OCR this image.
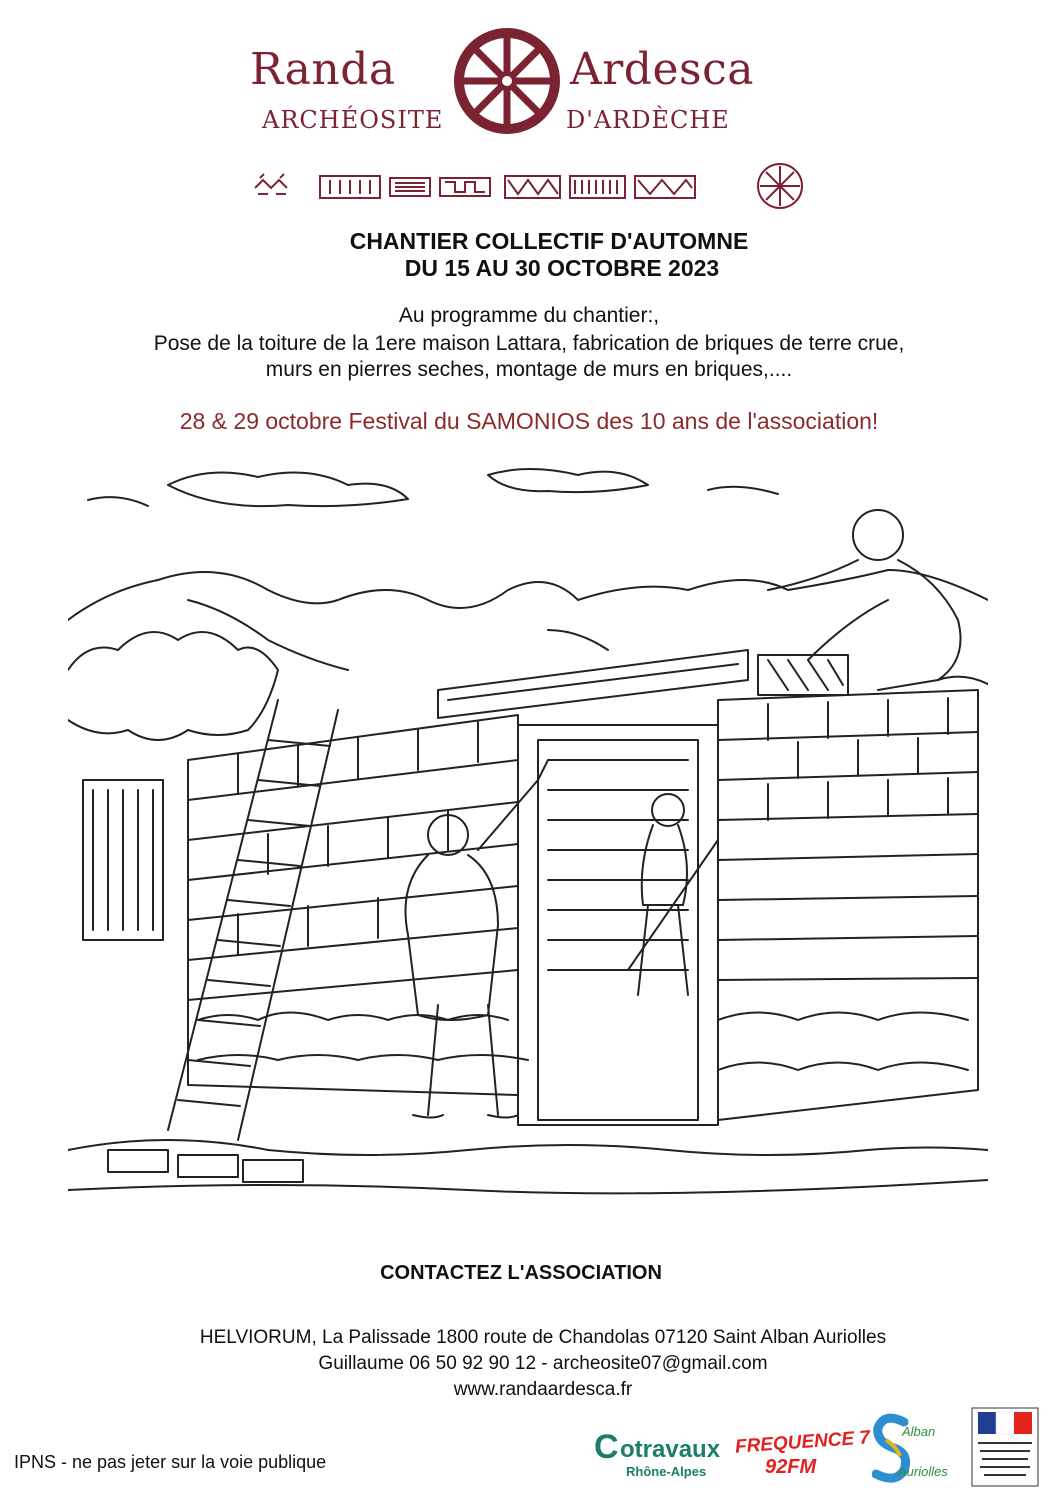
Randa	Ardesca
ARCHÉOSITE	D'ARDÈCHE
CHANTIER COLLECTIF D'AUTOMNE
DU 15 AU 30 OCTOBRE 2023
Au programme du chantier:,
Pose de la toiture de la 1ere maison Lattara, fabrication de briques de terre crue,
murs en pierres seches, montage de murs en briques,....
28 & 29 octobre Festival du SAMONIOS des 10 ans de l'association!
CONTACTEZ L'ASSOCIATION
HELVIORUM, La Palissade 1800 route de Chandolas 07120 Saint Alban Auriolles
Guillaume 06 50 92 90 12 - archeosite07@gmail.com
www.randaardesca.fr
IPNS - ne pas jeter sur la voie publique	C otravaux
Rhône-Alpes
FREQUENCE 7
92FM
Alban
Auriolles
